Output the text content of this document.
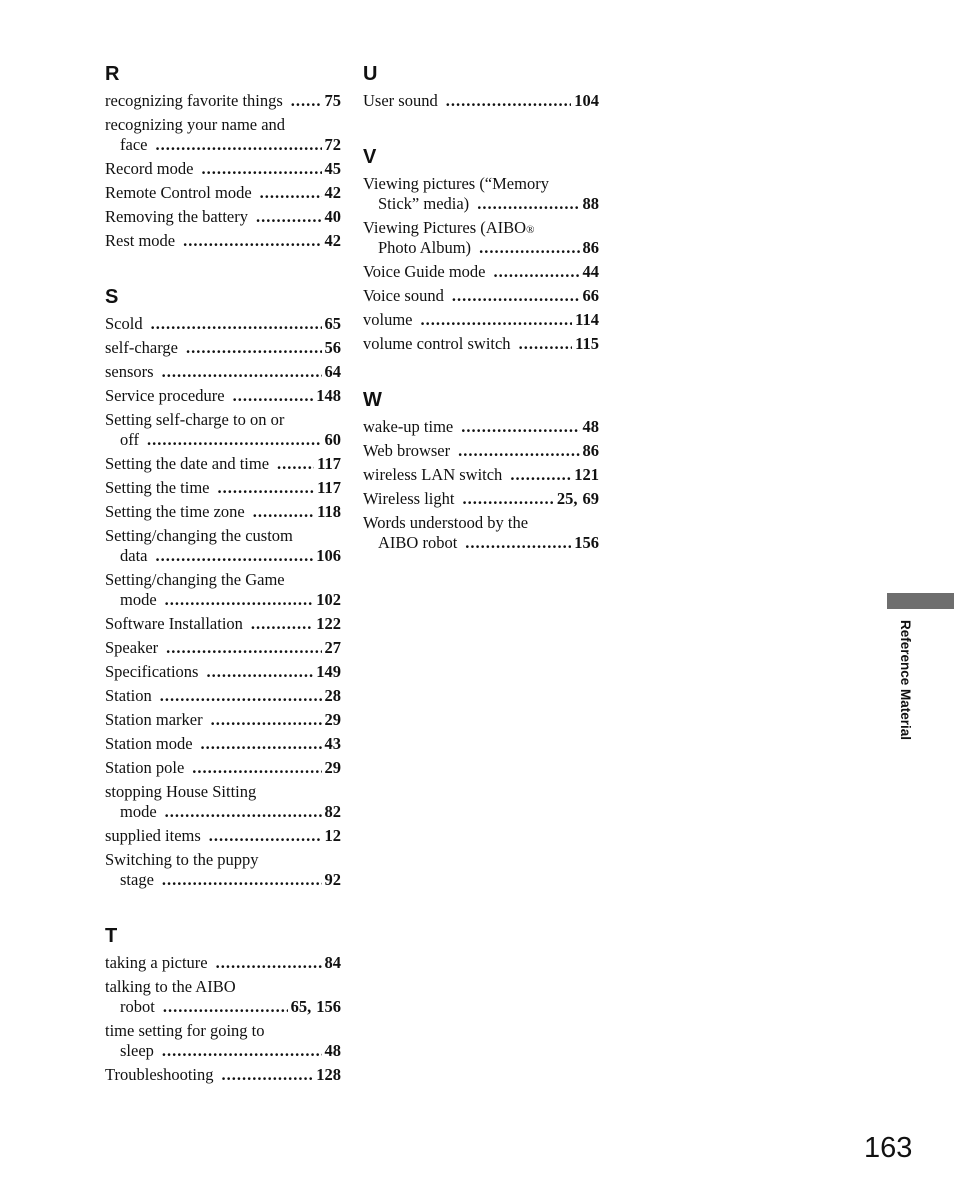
R
recognizing favorite things .....	75
recognizing your name and
face .....	72
Record mode .....	45
Remote Control mode .....	42
Removing the battery .....	40
Rest mode .....	42
S
Scold .....	65
self-charge .....	56
sensors .....	64
Service procedure .....	148
Setting self-charge to on or
off .....	60
Setting the date and time .....	117
Setting the time .....	117
Setting the time zone .....	118
Setting/changing the custom
data .....	106
Setting/changing the Game
mode .....	102
Software Installation .....	122
Speaker .....	27
Specifications .....	149
Station .....	28
Station marker .....	29
Station mode .....	43
Station pole .....	29
stopping House Sitting
mode .....	82
supplied items .....	12
Switching to the puppy
stage .....	92
T
taking a picture .....	84
talking to the AIBO
robot .....	65, 156
time setting for going to
sleep .....	48
Troubleshooting .....	128
U
User sound .....	104
V
Viewing pictures (“Memory
Stick” media) .....	88
Viewing Pictures (AIBO ®
Photo Album) .....	86
Voice Guide mode .....	44
Voice sound .....	66
volume .....	114
volume control switch .....	115
W
wake-up time .....	48
Web browser .....	86
wireless LAN switch .....	121
Wireless light .....	25, 69
Words understood by the
AIBO robot .....	156
Reference Material
163
